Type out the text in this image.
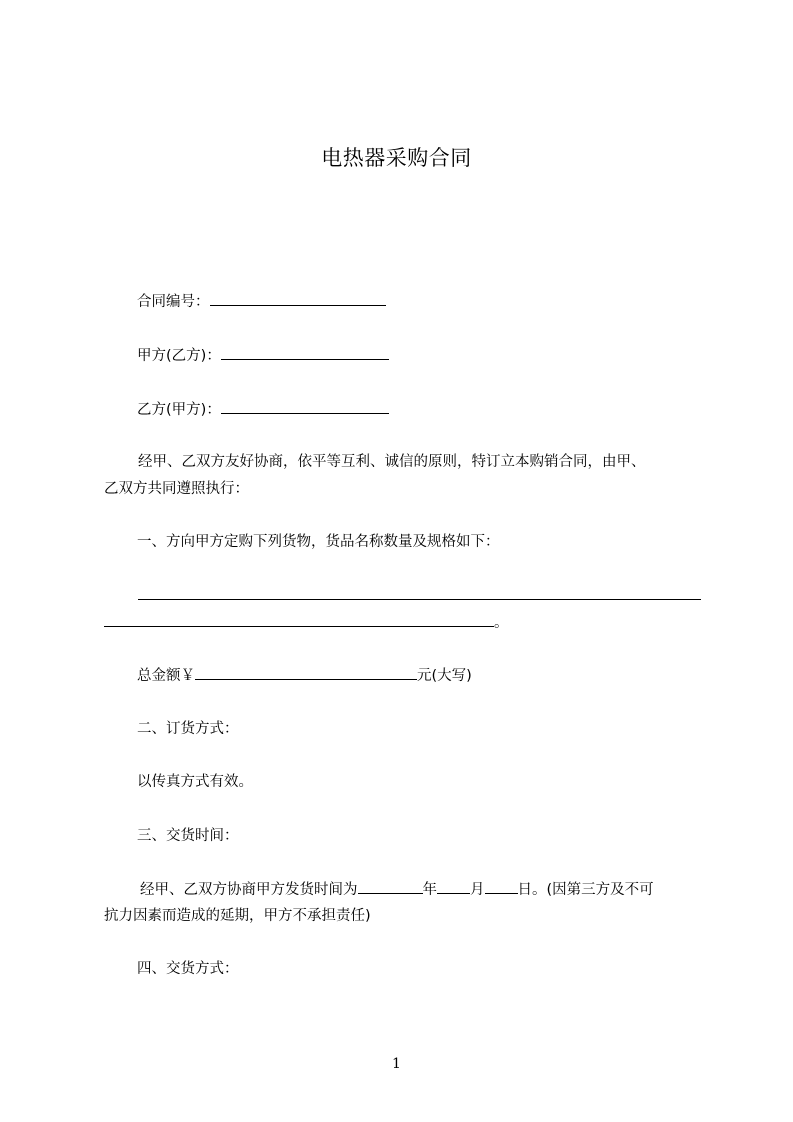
电热器采购合同
合同编号：
甲方(乙方)：
乙方(甲方)：
经甲、乙双方友好协商，依平等互利、诚信的原则，特订立本购销合同，由甲、
乙双方共同遵照执行：
一、方向甲方定购下列货物，货品名称数量及规格如下：
。
总金额￥	元(大写)
二、订货方式：
以传真方式有效。
三、交货时间：
经甲、乙双方协商甲方发货时间为	年 月 日。(因第三方及不可
抗力因素而造成的延期，甲方不承担责任)
四、交货方式：
1
